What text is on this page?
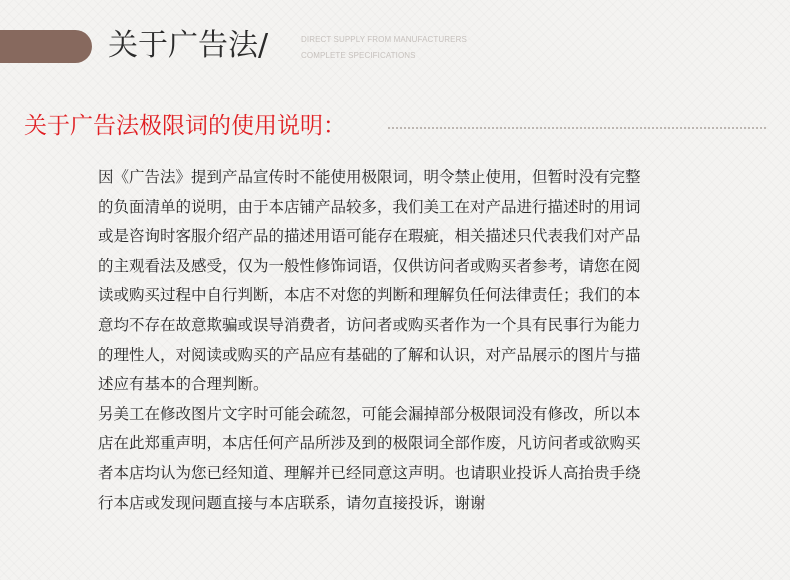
关于广告法/	DIRECT SUPPLY FROM MANUFACTURERS
COMPLETE SPECIFICATIONS
关于广告法极限词的使用说明：
因《广告法》提到产品宣传时不能使用极限词，明令禁止使用，但暂时没有完整
的负面清单的说明，由于本店铺产品较多，我们美工在对产品进行描述时的用词
或是咨询时客服介绍产品的描述用语可能存在瑕疵，相关描述只代表我们对产品
的主观看法及感受，仅为一般性修饰词语，仅供访问者或购买者参考，请您在阅
读或购买过程中自行判断，本店不对您的判断和理解负任何法律责任；我们的本
意均不存在故意欺骗或误导消费者，访问者或购买者作为一个具有民事行为能力
的理性人，对阅读或购买的产品应有基础的了解和认识，对产品展示的图片与描
述应有基本的合理判断。
另美工在修改图片文字时可能会疏忽，可能会漏掉部分极限词没有修改，所以本
店在此郑重声明，本店任何产品所涉及到的极限词全部作废，凡访问者或欲购买
者本店均认为您已经知道、理解并已经同意这声明。也请职业投诉人高抬贵手绕
行本店或发现问题直接与本店联系，请勿直接投诉，谢谢
